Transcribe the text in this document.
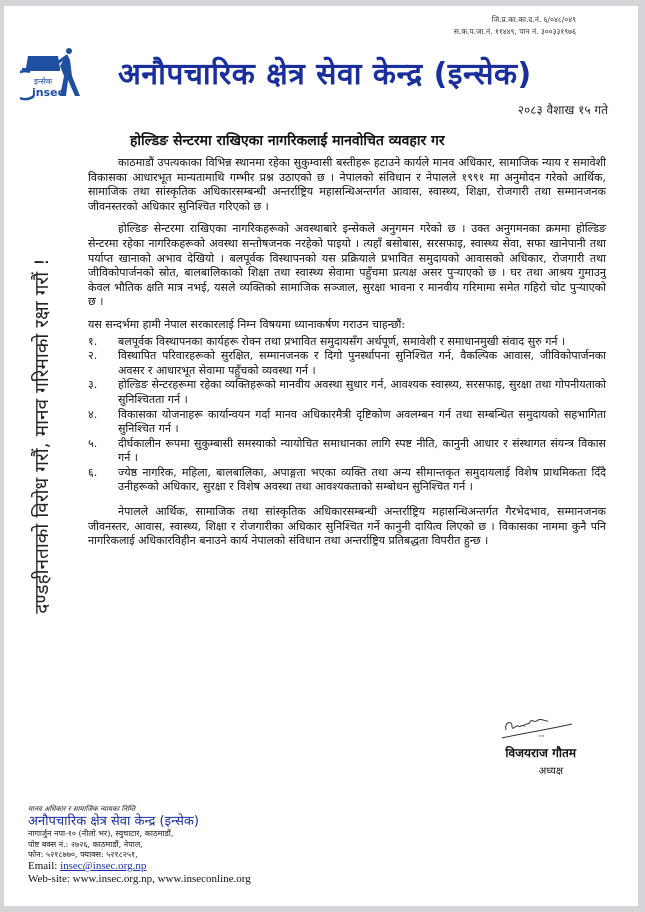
जि.प्र.का.का.द.नं. ६/०४८/०४९
स.क.प.जा.नं. ११४४९, पान नं. ३००३३१९७६
इन्सेक
insec
अनौपचारिक क्षेत्र सेवा केन्द्र (इन्सेक)
२०८३ वैशाख १५ गते
होल्डिङ सेन्टरमा राखिएका नागरिकलाई मानवोचित व्यवहार गर
दण्डहीनताको विरोध गरौं, मानव गरिमाको रक्षा गरौं !

काठमाडौं उपत्यकाका विभिन्न स्थानमा रहेका सुकुम्वासी बस्तीहरू हटाउने कार्यले मानव अधिकार, सामाजिक न्याय र समावेशी विकासका आधारभूत मान्यतामाथि गम्भीर प्रश्न उठाएको छ । नेपालको संविधान र नेपालले १९९१ मा अनुमोदन गरेको आर्थिक, सामाजिक तथा सांस्कृतिक अधिकारसम्बन्धी अन्तर्राष्ट्रिय महासन्धिअन्तर्गत आवास, स्वास्थ्य, शिक्षा, रोजगारी तथा सम्मानजनक जीवनस्तरको अधिकार सुनिश्चित गरिएको छ ।

होल्डिङ सेन्टरमा राखिएका नागरिकहरूको अवस्थाबारे इन्सेकले अनुगमन गरेको छ । उक्त अनुगमनका क्रममा होल्डिङ सेन्टरमा रहेका नागरिकहरूको अवस्था सन्तोषजनक नरहेको पाइयो । त्यहाँ बसोबास, सरसफाइ, स्वास्थ्य सेवा, सफा खानेपानी तथा पर्याप्त खानाको अभाव देखियो । बलपूर्वक विस्थापनको यस प्रक्रियाले प्रभावित समुदायको आवासको अधिकार, रोजगारी तथा जीविकोपार्जनको स्रोत, बालबालिकाको शिक्षा तथा स्वास्थ्य सेवामा पहुँचमा प्रत्यक्ष असर पुर्‍याएको छ । घर तथा आश्रय गुमाउनु केवल भौतिक क्षति मात्र नभई, यसले व्यक्तिको सामाजिक सञ्जाल, सुरक्षा भावना र मानवीय गरिमामा समेत गहिरो चोट पुर्‍याएको छ ।

यस सन्दर्भमा हामी नेपाल सरकारलाई निम्न विषयमा ध्यानाकर्षण गराउन चाहन्छौं:

१.	बलपूर्वक विस्थापनका कार्यहरू रोक्न तथा प्रभावित समुदायसँग अर्थपूर्ण, समावेशी र समाधानमुखी संवाद सुरु गर्न ।
२.	विस्थापित परिवारहरूको सुरक्षित, सम्मानजनक र दिगो पुनर्स्थापना सुनिश्चित गर्न, वैकल्पिक आवास, जीविकोपार्जनका अवसर र आधारभूत सेवामा पहुँचको व्यवस्था गर्न ।
३.	होल्डिङ सेन्टरहरूमा रहेका व्यक्तिहरूको मानवीय अवस्था सुधार गर्न, आवश्यक स्वास्थ्य, सरसफाइ, सुरक्षा तथा गोपनीयताको सुनिश्चितता गर्न ।
४.	विकासका योजनाहरू कार्यान्वयन गर्दा मानव अधिकारमैत्री दृष्टिकोण अवलम्बन गर्न तथा सम्बन्धित समुदायको सहभागिता सुनिश्चित गर्न ।
५.	दीर्घकालीन रूपमा सुकुम्बासी समस्याको न्यायोचित समाधानका लागि स्पष्ट नीति, कानुनी आधार र संस्थागत संयन्त्र विकास गर्न ।
६.	ज्येष्ठ नागरिक, महिला, बालबालिका, अपाङ्गता भएका व्यक्ति तथा अन्य सीमान्तकृत समुदायलाई विशेष प्राथमिकता दिँदै उनीहरूको अधिकार, सुरक्षा र विशेष अवस्था तथा आवश्यकताको सम्बोधन सुनिश्चित गर्न ।

नेपालले आर्थिक, सामाजिक तथा सांस्कृतिक अधिकारसम्बन्धी अन्तर्राष्ट्रिय महासन्धिअन्तर्गत गैरभेदभाव, सम्मानजनक जीवनस्तर, आवास, स्वास्थ्य, शिक्षा र रोजगारीका अधिकार सुनिश्चित गर्ने कानुनी दायित्व लिएको छ । विकासका नाममा कुनै पनि नागरिकलाई अधिकारविहीन बनाउने कार्य नेपालको संविधान तथा अन्तर्राष्ट्रिय प्रतिबद्धता विपरीत हुन्छ ।

विजयराज गौतम
अध्यक्ष
मानव अधिकार र सामाजिक न्यायका निम्ति
अनौपचारिक क्षेत्र सेवा केन्द्र (इन्सेक)
नागार्जुन नपा-१० (नीलो भर), स्युचाटार, काठमाडौं,
पोष्ट बक्स नं.: २७२६, काठमाडौं, नेपाल,
फोन: ५२१८७७०, फ्याक्स: ५२१८२५१,
Email: insec@insec.org.np
Web-site: www.insec.org.np, www.inseconline.org
